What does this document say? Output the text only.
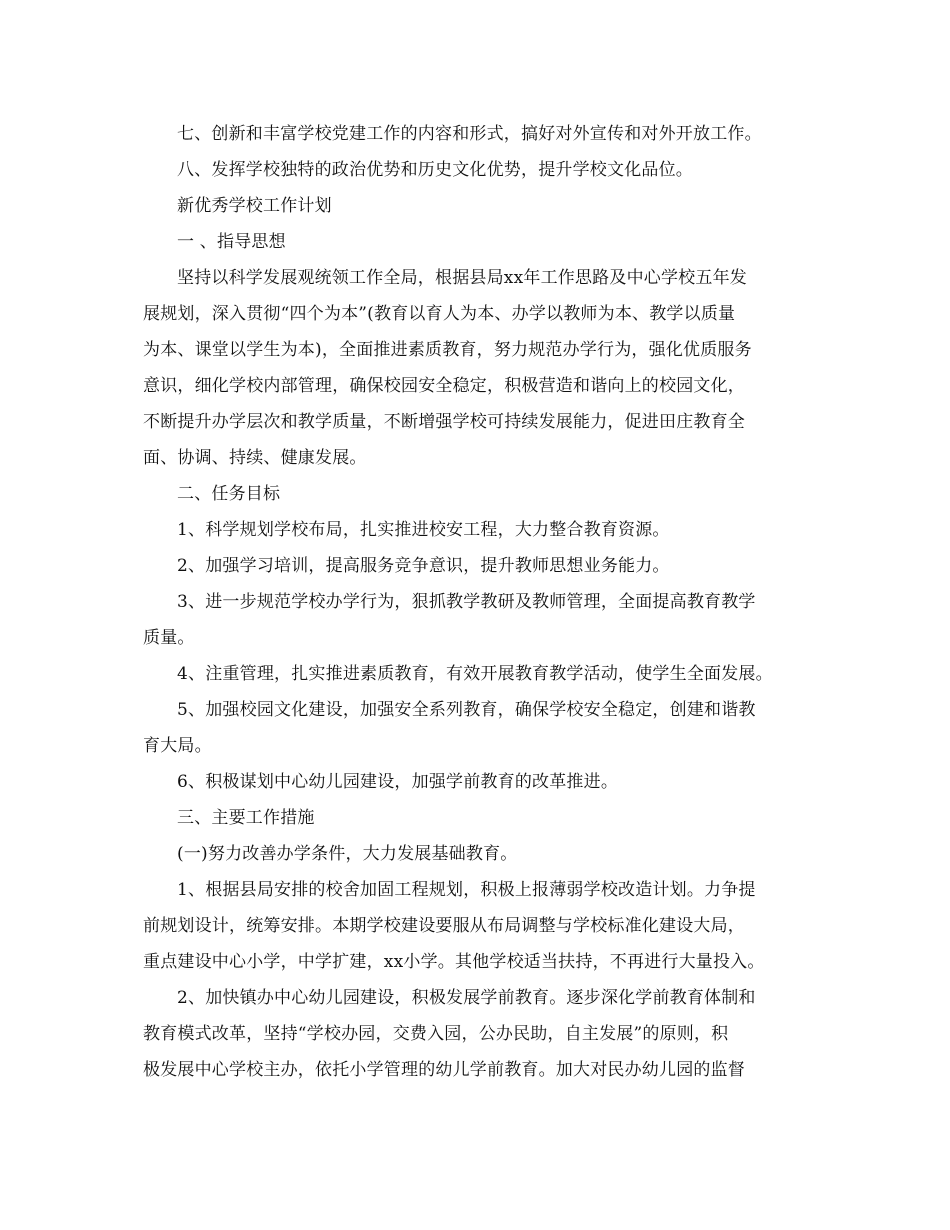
七、创新和丰富学校党建工作的内容和形式，搞好对外宣传和对外开放工作。
八、发挥学校独特的政治优势和历史文化优势，提升学校文化品位。
新优秀学校工作计划
一 、指导思想
坚持以科学发展观统领工作全局，根据县局xx年工作思路及中心学校五年发
展规划，深入贯彻“四个为本”(教育以育人为本、办学以教师为本、教学以质量
为本、课堂以学生为本)，全面推进素质教育，努力规范办学行为，强化优质服务
意识，细化学校内部管理，确保校园安全稳定，积极营造和谐向上的校园文化，
不断提升办学层次和教学质量，不断增强学校可持续发展能力，促进田庄教育全
面、协调、持续、健康发展。
二、任务目标
1、科学规划学校布局，扎实推进校安工程，大力整合教育资源。
2、加强学习培训，提高服务竞争意识，提升教师思想业务能力。
3、进一步规范学校办学行为，狠抓教学教研及教师管理，全面提高教育教学
质量。
4、注重管理，扎实推进素质教育，有效开展教育教学活动，使学生全面发展。
5、加强校园文化建设，加强安全系列教育，确保学校安全稳定，创建和谐教
育大局。
6、积极谋划中心幼儿园建设，加强学前教育的改革推进。
三、主要工作措施
(一)努力改善办学条件，大力发展基础教育。
1、根据县局安排的校舍加固工程规划，积极上报薄弱学校改造计划。力争提
前规划设计，统筹安排。本期学校建设要服从布局调整与学校标准化建设大局，
重点建设中心小学，中学扩建，xx小学。其他学校适当扶持，不再进行大量投入。
2、加快镇办中心幼儿园建设，积极发展学前教育。逐步深化学前教育体制和
教育模式改革，坚持“学校办园，交费入园，公办民助，自主发展”的原则，积
极发展中心学校主办，依托小学管理的幼儿学前教育。加大对民办幼儿园的监督
